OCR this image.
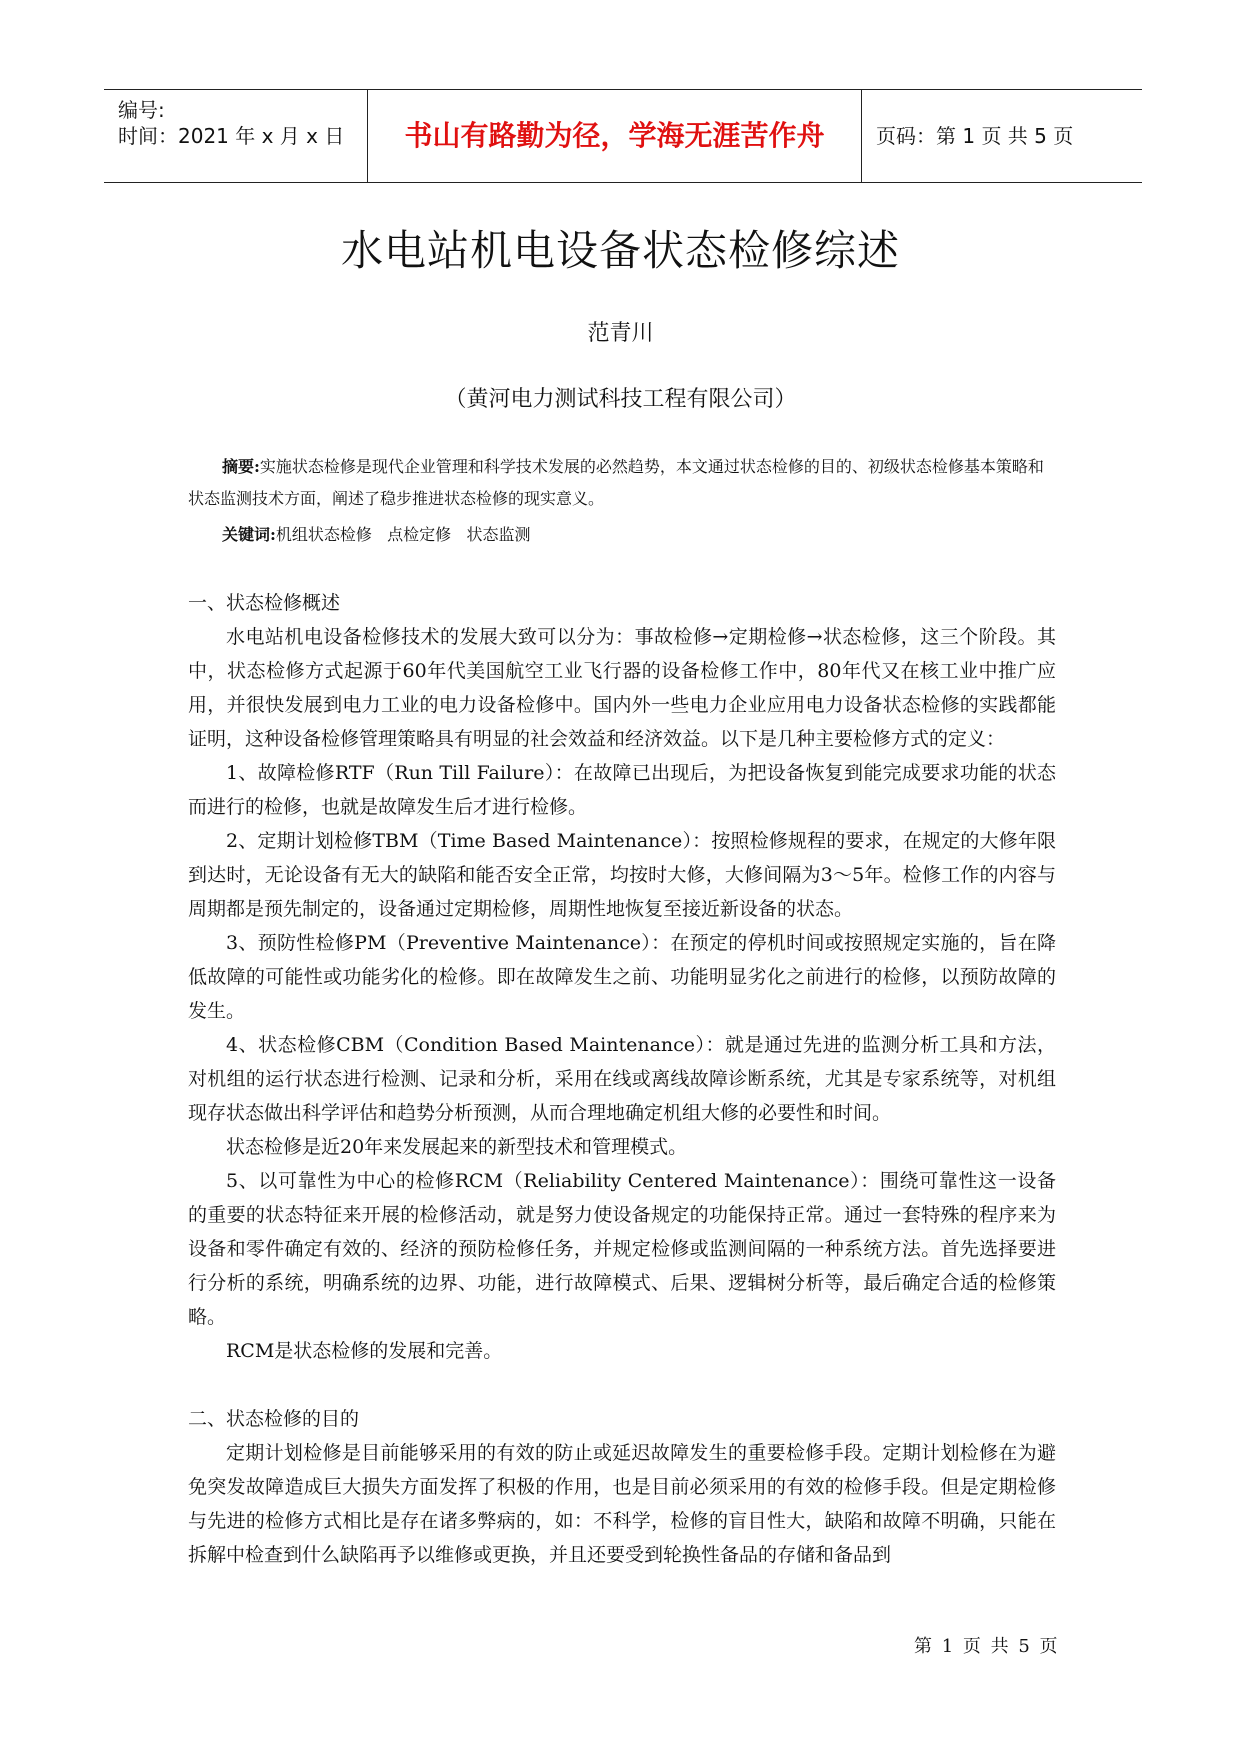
编号:
时间：2021 年 x 月 x 日	书山有路勤为径，学海无涯苦作舟	页码：第 1 页 共 5 页
水电站机电设备状态检修综述
范青川
（黄河电力测试科技工程有限公司）

摘要:实施状态检修是现代企业管理和科学技术发展的必然趋势，本文通过状态检修的目的、初级状态检修基本策略和状态监测技术方面，阐述了稳步推进状态检修的现实意义。

关键词:机组状态检修   点检定修   状态监测
一、状态检修概述

水电站机电设备检修技术的发展大致可以分为：事故检修→定期检修→状态检修，这三个阶段。其中，状态检修方式起源于60年代美国航空工业飞行器的设备检修工作中，80年代又在核工业中推广应用，并很快发展到电力工业的电力设备检修中。国内外一些电力企业应用电力设备状态检修的实践都能证明，这种设备检修管理策略具有明显的社会效益和经济效益。以下是几种主要检修方式的定义：

1、故障检修RTF（Run Till Failure）：在故障已出现后，为把设备恢复到能完成要求功能的状态而进行的检修，也就是故障发生后才进行检修。

2、定期计划检修TBM（Time Based Maintenance）：按照检修规程的要求，在规定的大修年限到达时，无论设备有无大的缺陷和能否安全正常，均按时大修，大修间隔为3～5年。检修工作的内容与周期都是预先制定的，设备通过定期检修，周期性地恢复至接近新设备的状态。

3、预防性检修PM（Preventive Maintenance）：在预定的停机时间或按照规定实施的，旨在降低故障的可能性或功能劣化的检修。即在故障发生之前、功能明显劣化之前进行的检修，以预防故障的发生。

4、状态检修CBM（Condition Based Maintenance）：就是通过先进的监测分析工具和方法，对机组的运行状态进行检测、记录和分析，采用在线或离线故障诊断系统，尤其是专家系统等，对机组现存状态做出科学评估和趋势分析预测，从而合理地确定机组大修的必要性和时间。

状态检修是近20年来发展起来的新型技术和管理模式。

5、以可靠性为中心的检修RCM（Reliability Centered Maintenance）：围绕可靠性这一设备的重要的状态特征来开展的检修活动，就是努力使设备规定的功能保持正常。通过一套特殊的程序来为设备和零件确定有效的、经济的预防检修任务，并规定检修或监测间隔的一种系统方法。首先选择要进行分析的系统，明确系统的边界、功能，进行故障模式、后果、逻辑树分析等，最后确定合适的检修策略。

RCM是状态检修的发展和完善。

二、状态检修的目的

定期计划检修是目前能够采用的有效的防止或延迟故障发生的重要检修手段。定期计划检修在为避免突发故障造成巨大损失方面发挥了积极的作用，也是目前必须采用的有效的检修手段。但是定期检修与先进的检修方式相比是存在诸多弊病的，如：不科学，检修的盲目性大，缺陷和故障不明确，只能在拆解中检查到什么缺陷再予以维修或更换，并且还要受到轮换性备品的存储和备品到

第 1 页 共 5 页
